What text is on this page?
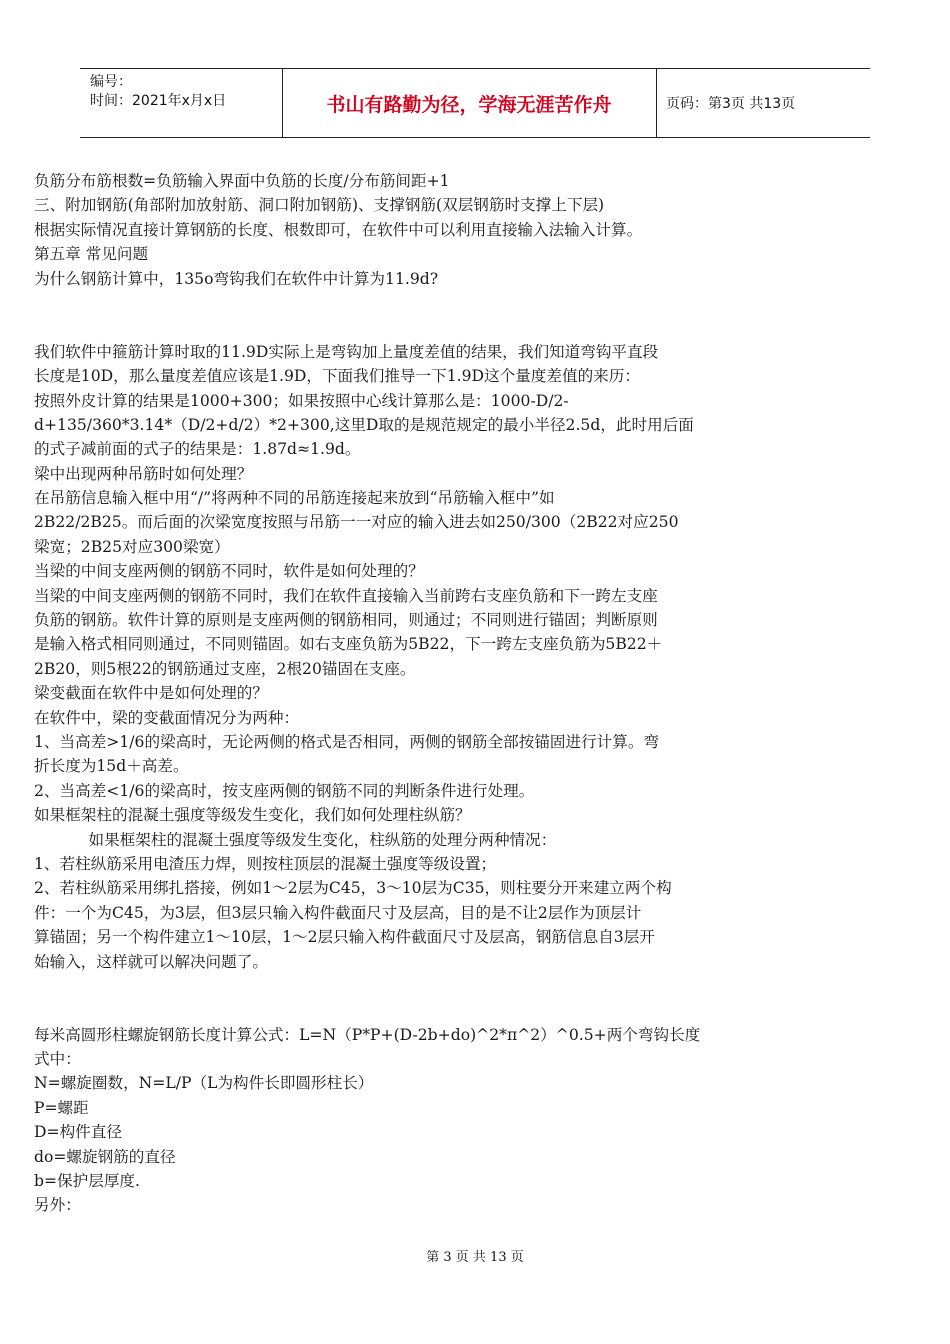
编号：
时间：2021年x月x日	书山有路勤为径，学海无涯苦作舟	页码：第3页 共13页
负筋分布筋根数=负筋输入界面中负筋的长度/分布筋间距+1
三、附加钢筋(角部附加放射筋、洞口附加钢筋)、支撑钢筋(双层钢筋时支撑上下层)
根据实际情况直接计算钢筋的长度、根数即可，在软件中可以利用直接输入法输入计算。
第五章 常见问题
为什么钢筋计算中，135o弯钩我们在软件中计算为11.9d?
我们软件中箍筋计算时取的11.9D实际上是弯钩加上量度差值的结果，我们知道弯钩平直段
长度是10D，那么量度差值应该是1.9D，下面我们推导一下1.9D这个量度差值的来历：
按照外皮计算的结果是1000+300；如果按照中心线计算那么是：1000-D/2-
d+135/360*3.14*（D/2+d/2）*2+300,这里D取的是规范规定的最小半径2.5d，此时用后面
的式子减前面的式子的结果是：1.87d≈1.9d。
梁中出现两种吊筋时如何处理？
在吊筋信息输入框中用“/”将两种不同的吊筋连接起来放到“吊筋输入框中”如
2B22/2B25。而后面的次梁宽度按照与吊筋一一对应的输入进去如250/300（2B22对应250
梁宽；2B25对应300梁宽）
当梁的中间支座两侧的钢筋不同时，软件是如何处理的？
当梁的中间支座两侧的钢筋不同时，我们在软件直接输入当前跨右支座负筋和下一跨左支座
负筋的钢筋。软件计算的原则是支座两侧的钢筋相同，则通过；不同则进行锚固；判断原则
是输入格式相同则通过，不同则锚固。如右支座负筋为5B22，下一跨左支座负筋为5B22＋
2B20，则5根22的钢筋通过支座，2根20锚固在支座。
梁变截面在软件中是如何处理的？
在软件中，梁的变截面情况分为两种：
1、当高差>1/6的梁高时，无论两侧的格式是否相同，两侧的钢筋全部按锚固进行计算。弯
折长度为15d＋高差。
2、当高差<1/6的梁高时，按支座两侧的钢筋不同的判断条件进行处理。
如果框架柱的混凝土强度等级发生变化，我们如何处理柱纵筋？
如果框架柱的混凝土强度等级发生变化，柱纵筋的处理分两种情况：
1、若柱纵筋采用电渣压力焊，则按柱顶层的混凝土强度等级设置；
2、若柱纵筋采用绑扎搭接，例如1～2层为C45，3～10层为C35，则柱要分开来建立两个构
件：一个为C45，为3层，但3层只输入构件截面尺寸及层高，目的是不让2层作为顶层计
算锚固；另一个构件建立1～10层，1～2层只输入构件截面尺寸及层高，钢筋信息自3层开
始输入，这样就可以解决问题了。
每米高圆形柱螺旋钢筋长度计算公式：L=N（P*P+(D-2b+do)^2*π^2）^0.5+两个弯钩长度
式中：
N=螺旋圈数，N=L/P（L为构件长即圆形柱长）
P=螺距
D=构件直径
do=螺旋钢筋的直径
b=保护层厚度.
另外：
第 3 页 共 13 页
